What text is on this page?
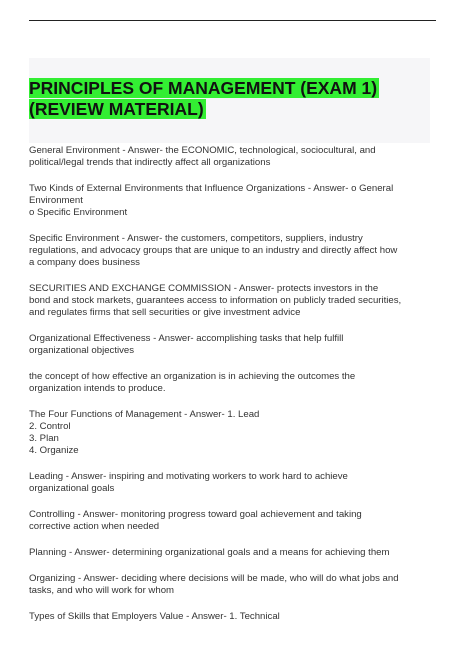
PRINCIPLES OF MANAGEMENT (EXAM 1) (REVIEW MATERIAL)

General Environment - Answer- the ECONOMIC, technological, sociocultural, and
political/legal trends that indirectly affect all organizations

Two Kinds of External Environments that Influence Organizations - Answer- o General
Environment
o Specific Environment

Specific Environment - Answer- the customers, competitors, suppliers, industry
regulations, and advocacy groups that are unique to an industry and directly affect how
a company does business

SECURITIES AND EXCHANGE COMMISSION - Answer- protects investors in the
bond and stock markets, guarantees access to information on publicly traded securities,
and regulates firms that sell securities or give investment advice

Organizational Effectiveness - Answer- accomplishing tasks that help fulfill
organizational objectives

the concept of how effective an organization is in achieving the outcomes the
organization intends to produce.

The Four Functions of Management - Answer- 1. Lead
2. Control
3. Plan
4. Organize

Leading - Answer- inspiring and motivating workers to work hard to achieve
organizational goals

Controlling - Answer- monitoring progress toward goal achievement and taking
corrective action when needed

Planning - Answer- determining organizational goals and a means for achieving them

Organizing - Answer- deciding where decisions will be made, who will do what jobs and
tasks, and who will work for whom

Types of Skills that Employers Value - Answer- 1. Technical
